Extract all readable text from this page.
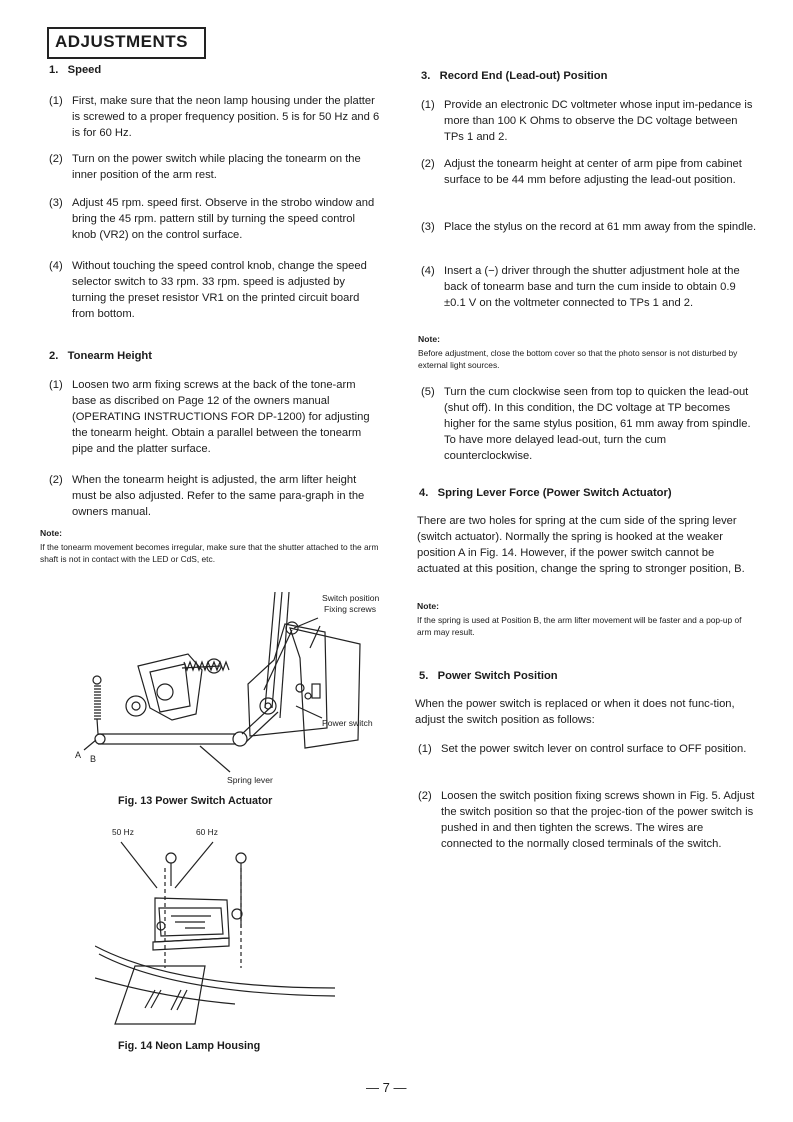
ADJUSTMENTS
1.   Speed
(1) First, make sure that the neon lamp housing under the platter is screwed to a proper frequency position. 5 is for 50 Hz and 6 is for 60 Hz.
(2) Turn on the power switch while placing the tonearm on the inner position of the arm rest.
(3) Adjust 45 rpm. speed first. Observe in the strobo window and bring the 45 rpm. pattern still by turning the speed control knob (VR2) on the control surface.
(4) Without touching the speed control knob, change the speed selector switch to 33 rpm. 33 rpm. speed is adjusted by turning the preset resistor VR1 on the printed circuit board from bottom.
2.   Tonearm Height
(1) Loosen two arm fixing screws at the back of the tone-arm base as discribed on Page 12 of the owners manual (OPERATING INSTRUCTIONS FOR DP-1200) for adjusting the tonearm height. Obtain a parallel between the tonearm pipe and the platter surface.
(2) When the tonearm height is adjusted, the arm lifter height must be also adjusted. Refer to the same para-graph in the owners manual.
Note:
If the tonearm movement becomes irregular, make sure that the shutter attached to the arm shaft is not in contact with the LED or CdS, etc.
Switch position
Fixing screws
Power switch
Spring lever
A B
Fig. 13 Power Switch Actuator
50 Hz	60 Hz
Fig. 14 Neon Lamp Housing
3.   Record End (Lead-out) Position
(1) Provide an electronic DC voltmeter whose input im-pedance is more than 100 K Ohms to observe the DC voltage between TPs 1 and 2.
(2) Adjust the tonearm height at center of arm pipe from cabinet surface to be 44 mm before adjusting the lead-out position.
(3) Place the stylus on the record at 61 mm away from the spindle.
(4) Insert a (−) driver through the shutter adjustment hole at the back of tonearm base and turn the cum inside to obtain 0.9 ±0.1 V on the voltmeter connected to TPs 1 and 2.
Note:
Before adjustment, close the bottom cover so that the photo sensor is not disturbed by external light sources.
(5) Turn the cum clockwise seen from top to quicken the lead-out (shut off). In this condition, the DC voltage at TP becomes higher for the same stylus position, 61 mm away from spindle. To have more delayed lead-out, turn the cum counterclockwise.
4.   Spring Lever Force (Power Switch Actuator)
There are two holes for spring at the cum side of the spring lever (switch actuator). Normally the spring is hooked at the weaker position A in Fig. 14. However, if the power switch cannot be actuated at this position, change the spring to stronger position, B.
Note:
If the spring is used at Position B, the arm lifter movement will be faster and a pop-up of arm may result.
5.   Power Switch Position
When the power switch is replaced or when it does not func-tion, adjust the switch position as follows:
(1) Set the power switch lever on control surface to OFF position.
(2) Loosen the switch position fixing screws shown in Fig. 5. Adjust the switch position so that the projec-tion of the power switch is pushed in and then tighten the screws. The wires are connected to the normally closed terminals of the switch.
— 7 —
